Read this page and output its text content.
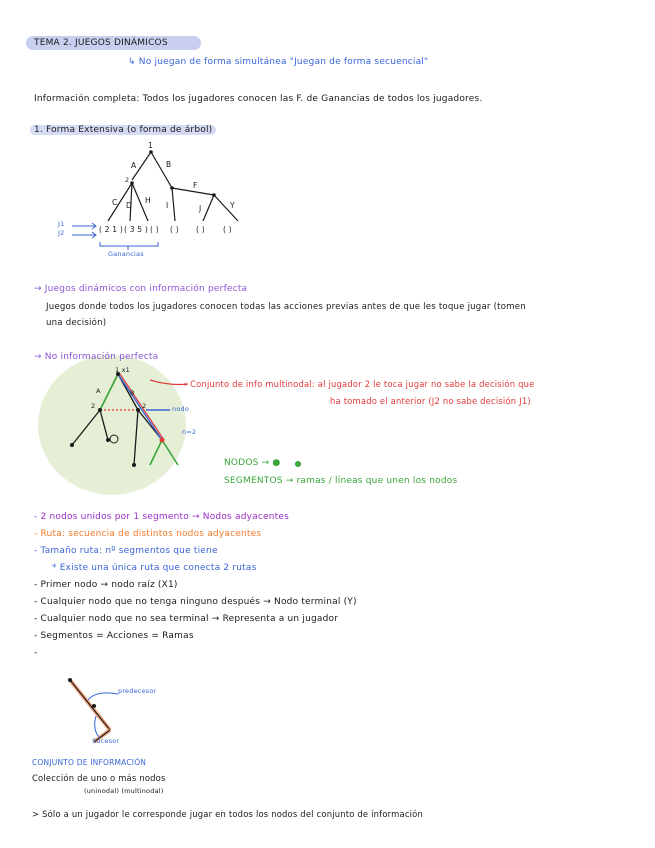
TEMA 2. JUEGOS DINÁMICOS
↳ No juegan de forma simultánea "Juegan de forma secuencial"
Información completa: Todos los jugadores conocen las F. de Ganancias de todos los jugadores.
1. Forma Extensiva (o forma de árbol)
1
A	B
2
C D
H
I
F
J	Y
J1
J2	( 2 1 ) ( 3 5 ) ( ) ( ) ( ) ( )
Ganancias
→ Juegos dinámicos con información perfecta
Juegos donde todos los jugadores conocen todas las acciones previas antes de que les toque jugar (tomen
una decisión)
→ No información perfecta
1 x1
A	B
2	2	nodo
n=2
→ Conjunto de info multinodal: al jugador 2 le toca jugar no sabe la decisión que
ha tomado el anterior (J2 no sabe decisión J1)
NODOS → ●
SEGMENTOS → ramas / líneas que unen los nodos
- 2 nodos unidos por 1 segmento → Nodos adyacentes
- Ruta: secuencia de distintos nodos adyacentes
- Tamaño ruta: nº segmentos que tiene
* Existe una única ruta que conecta 2 rutas
- Primer nodo → nodo raíz (X1)
- Cualquier nodo que no tenga ninguno después → Nodo terminal (Y)
- Cualquier nodo que no sea terminal → Representa a un jugador
- Segmentos = Acciones = Ramas
-
predecesor
Sucesor
CONJUNTO DE INFORMACIÓN
Colección de uno o más nodos
(uninodal) (multinodal)
> Sólo a un jugador le corresponde jugar en todos los nodos del conjunto de información
